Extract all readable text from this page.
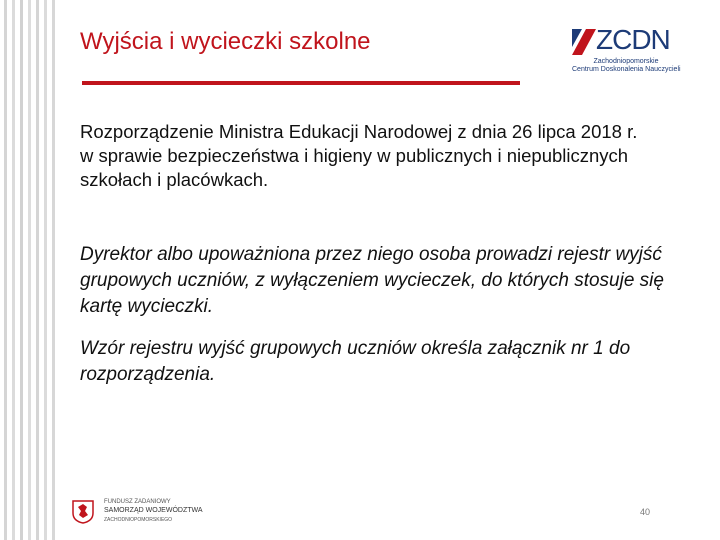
Wyjścia i wycieczki szkolne	ZCDN
Zachodniopomorskie
Centrum Doskonalenia Nauczycieli

Rozporządzenie Ministra Edukacji Narodowej z dnia 26 lipca 2018 r. w sprawie bezpieczeństwa i higieny w publicznych i niepublicznych szkołach i placówkach.

Dyrektor albo upoważniona przez niego osoba prowadzi rejestr wyjść grupowych uczniów, z wyłączeniem wycieczek, do których stosuje się kartę wycieczki.

Wzór rejestru wyjść grupowych uczniów określa załącznik nr 1 do rozporządzenia.

FUNDUSZ ZADANIOWY
SAMORZĄD WOJEWÓDZTWA
ZACHODNIOPOMORSKIEGO
40
